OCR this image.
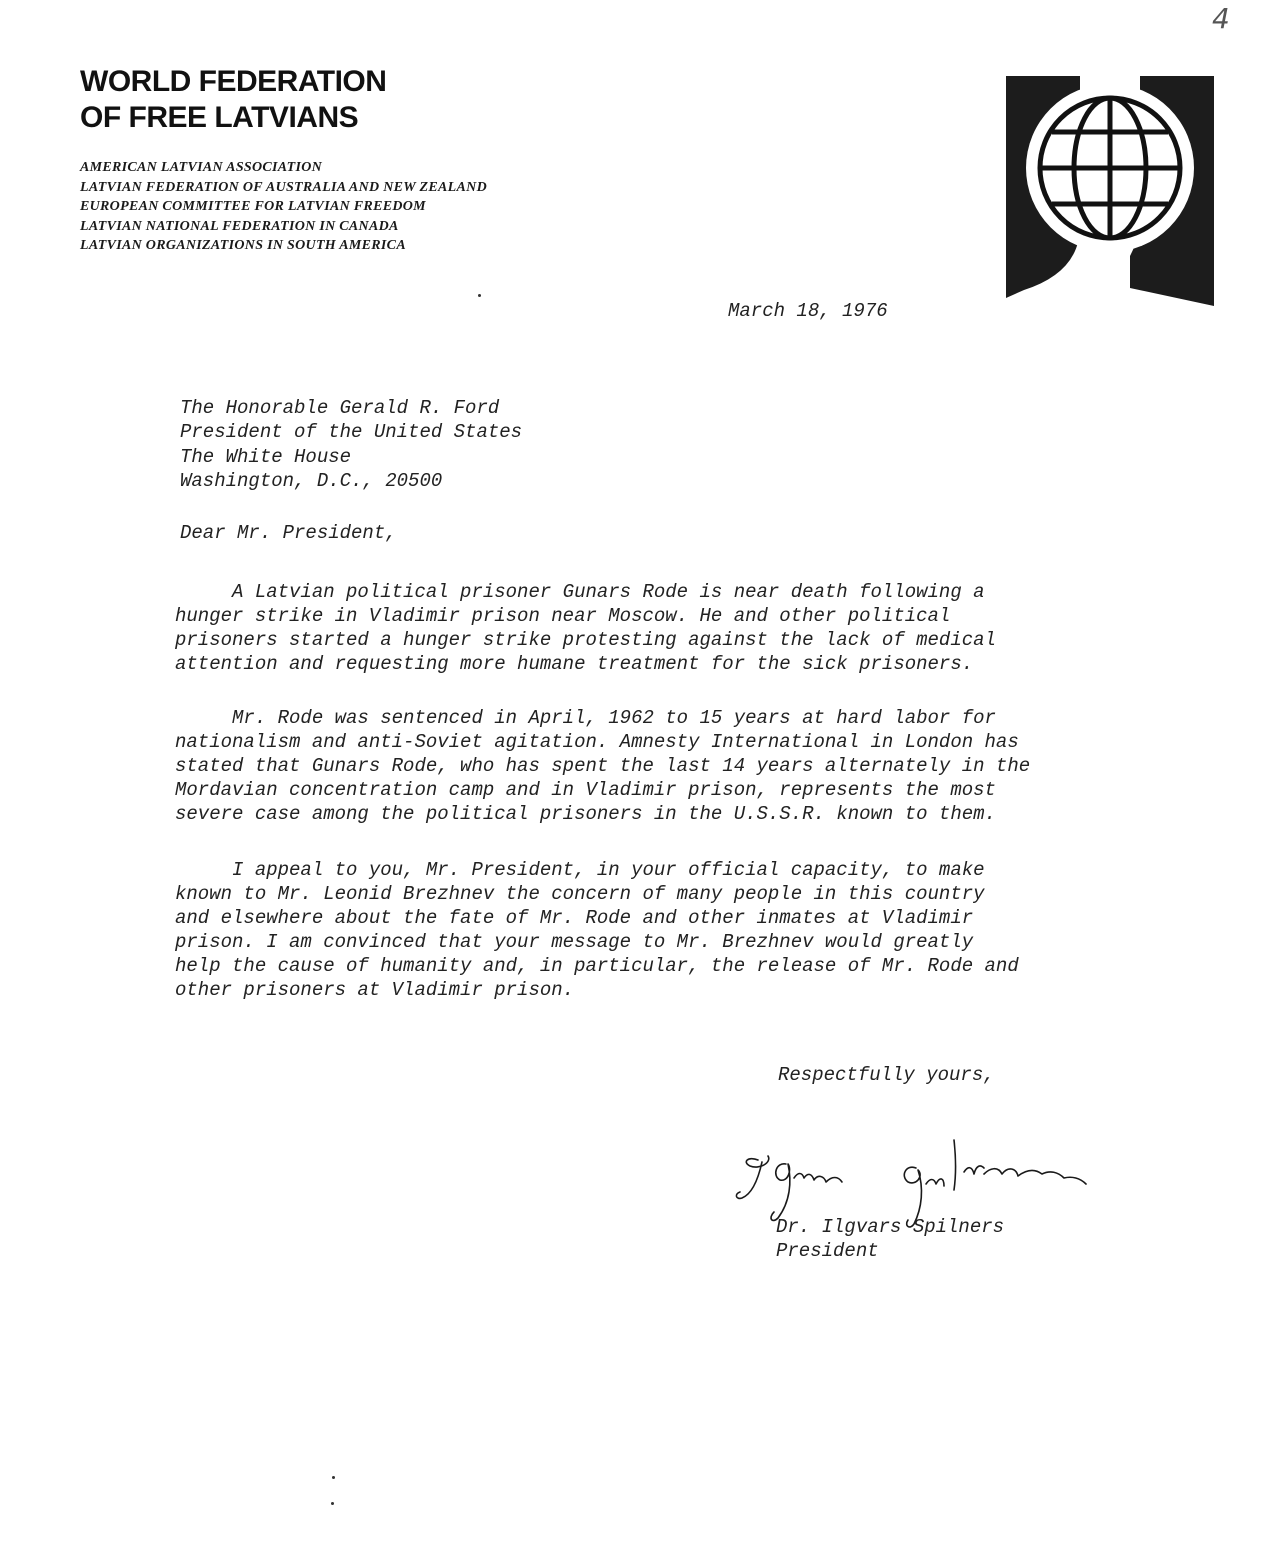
4
WORLD FEDERATION
OF FREE LATVIANS
AMERICAN LATVIAN ASSOCIATION
LATVIAN FEDERATION OF AUSTRALIA AND NEW ZEALAND
EUROPEAN COMMITTEE FOR LATVIAN FREEDOM
LATVIAN NATIONAL FEDERATION IN CANADA
LATVIAN ORGANIZATIONS IN SOUTH AMERICA
March 18, 1976
The Honorable Gerald R. Ford
President of the United States
The White House
Washington, D.C., 20500
Dear Mr. President,
A Latvian political prisoner Gunars Rode is near death following a
hunger strike in Vladimir prison near Moscow. He and other political
prisoners started a hunger strike protesting against the lack of medical
attention and requesting more humane treatment for the sick prisoners.
Mr. Rode was sentenced in April, 1962 to 15 years at hard labor for
nationalism and anti-Soviet agitation. Amnesty International in London has
stated that Gunars Rode, who has spent the last 14 years alternately in the
Mordavian concentration camp and in Vladimir prison, represents the most
severe case among the political prisoners in the U.S.S.R. known to them.
I appeal to you, Mr. President, in your official capacity, to make
known to Mr. Leonid Brezhnev the concern of many people in this country
and elsewhere about the fate of Mr. Rode and other inmates at Vladimir
prison. I am convinced that your message to Mr. Brezhnev would greatly
help the cause of humanity and, in particular, the release of Mr. Rode and
other prisoners at Vladimir prison.
Respectfully yours,
Dr. Ilgvars Spilners
President
